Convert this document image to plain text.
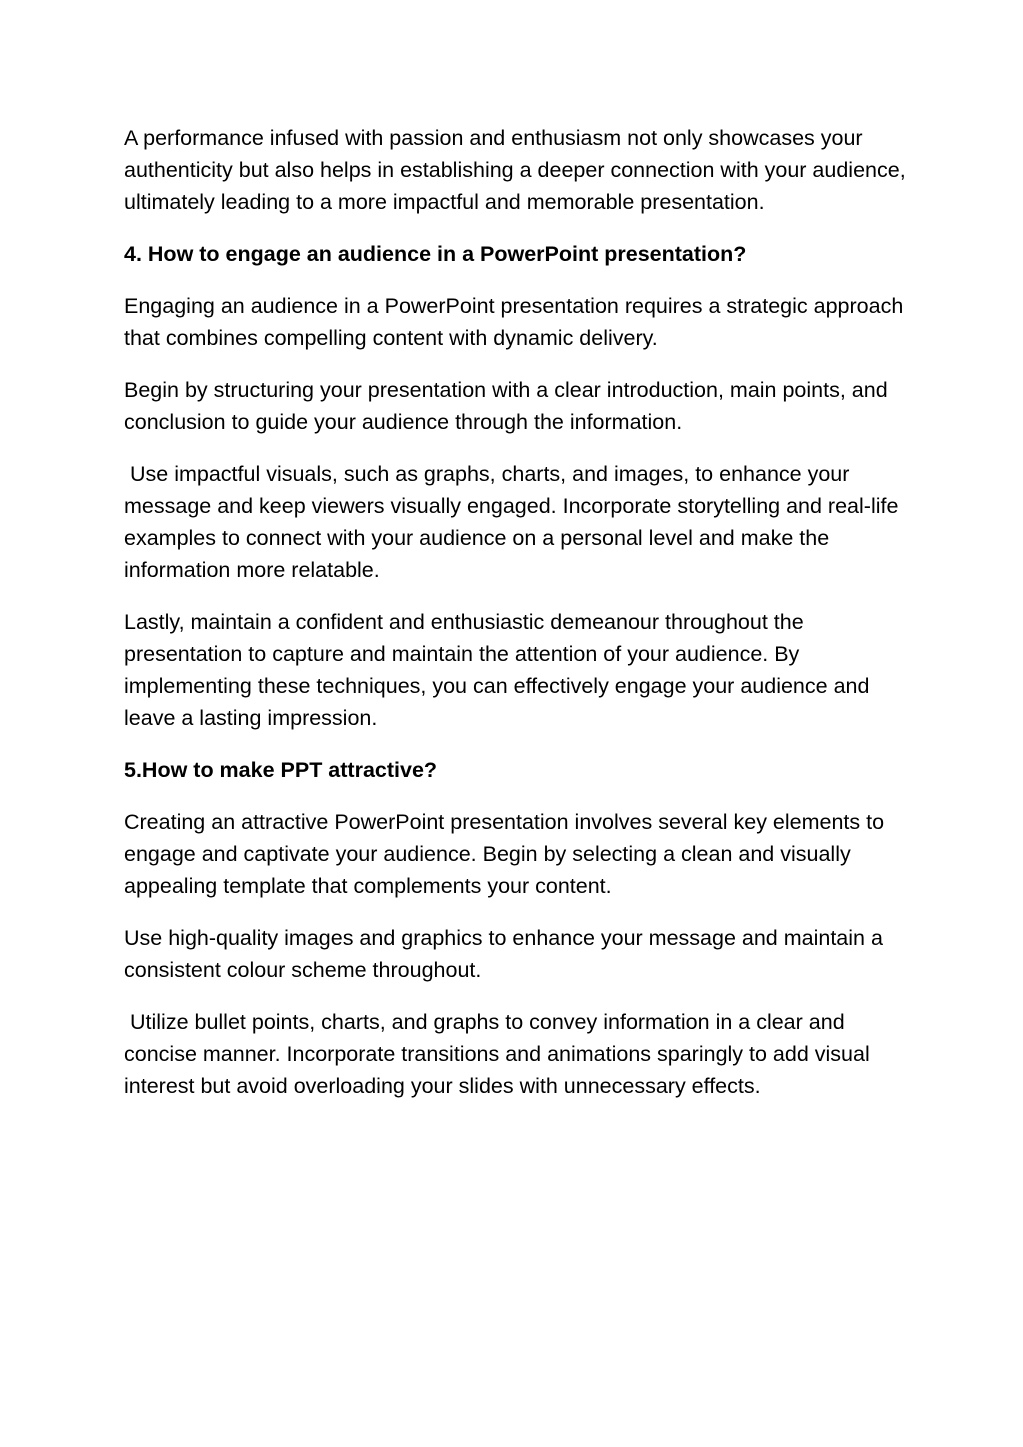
A performance infused with passion and enthusiasm not only showcases your authenticity but also helps in establishing a deeper connection with your audience, ultimately leading to a more impactful and memorable presentation.

4. How to engage an audience in a PowerPoint presentation?

Engaging an audience in a PowerPoint presentation requires a strategic approach that combines compelling content with dynamic delivery.

Begin by structuring your presentation with a clear introduction, main points, and conclusion to guide your audience through the information.

Use impactful visuals, such as graphs, charts, and images, to enhance your message and keep viewers visually engaged. Incorporate storytelling and real-life examples to connect with your audience on a personal level and make the information more relatable.

Lastly, maintain a confident and enthusiastic demeanour throughout the presentation to capture and maintain the attention of your audience. By implementing these techniques, you can effectively engage your audience and leave a lasting impression.

5.How to make PPT attractive?

Creating an attractive PowerPoint presentation involves several key elements to engage and captivate your audience. Begin by selecting a clean and visually appealing template that complements your content.

Use high-quality images and graphics to enhance your message and maintain a consistent colour scheme throughout.

Utilize bullet points, charts, and graphs to convey information in a clear and concise manner. Incorporate transitions and animations sparingly to add visual interest but avoid overloading your slides with unnecessary effects.
